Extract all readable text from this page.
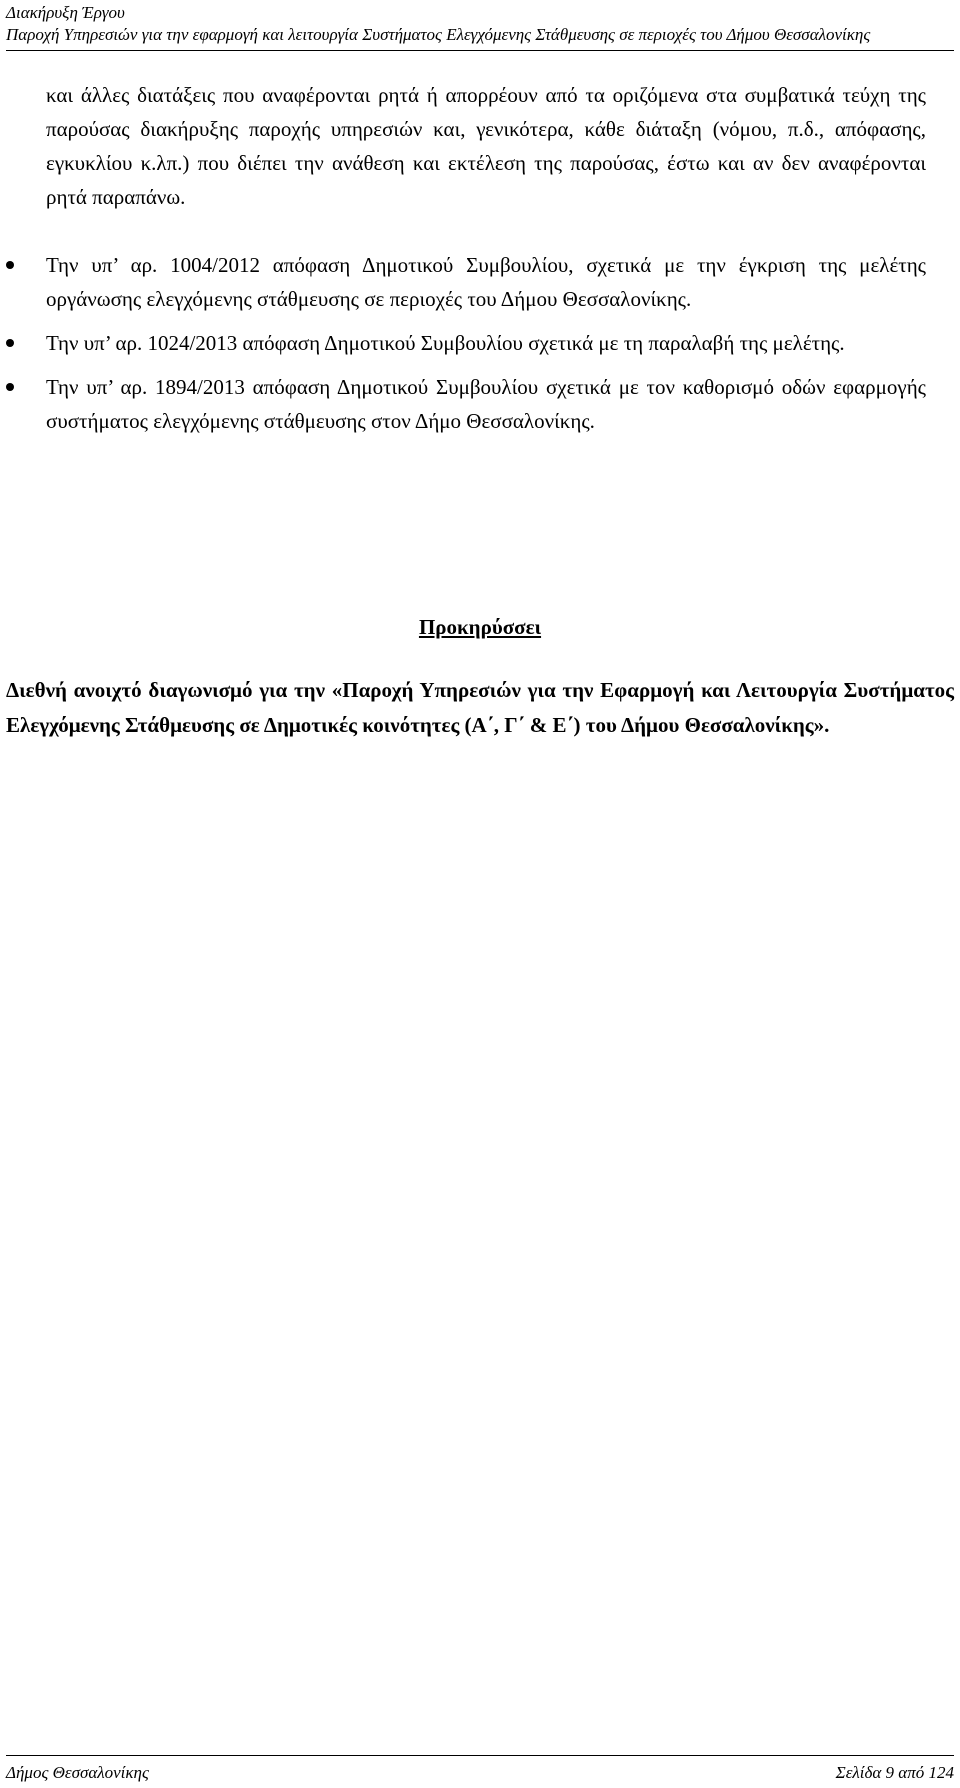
Διακήρυξη Έργου
Παροχή Υπηρεσιών για την εφαρμογή και λειτουργία Συστήματος Ελεγχόμενης Στάθμευσης σε περιοχές του Δήμου Θεσσαλονίκης
και άλλες διατάξεις που αναφέρονται ρητά ή απορρέουν από τα οριζόμενα στα συμβατικά τεύχη της παρούσας διακήρυξης παροχής υπηρεσιών και, γενικότερα, κάθε διάταξη (νόμου, π.δ., απόφασης, εγκυκλίου κ.λπ.) που διέπει την ανάθεση και εκτέλεση της παρούσας, έστω και αν δεν αναφέρονται ρητά παραπάνω.
Την υπ’ αρ. 1004/2012 απόφαση Δημοτικού Συμβουλίου, σχετικά με την έγκριση της μελέτης οργάνωσης ελεγχόμενης στάθμευσης σε περιοχές του Δήμου Θεσσαλονίκης.
Την υπ’ αρ. 1024/2013 απόφαση Δημοτικού Συμβουλίου σχετικά με τη παραλαβή της μελέτης.
Την υπ’ αρ. 1894/2013 απόφαση Δημοτικού Συμβουλίου σχετικά με τον καθορισμό οδών εφαρμογής συστήματος ελεγχόμενης στάθμευσης στον Δήμο Θεσσαλονίκης.
Προκηρύσσει
Διεθνή ανοιχτό διαγωνισμό για την «Παροχή Υπηρεσιών για την Εφαρμογή και Λειτουργία Συστήματος Ελεγχόμενης Στάθμευσης σε Δημοτικές κοινότητες (Α΄, Γ΄ & Ε΄) του Δήμου Θεσσαλονίκης».
Δήμος Θεσσαλονίκης	Σελίδα 9 από 124
